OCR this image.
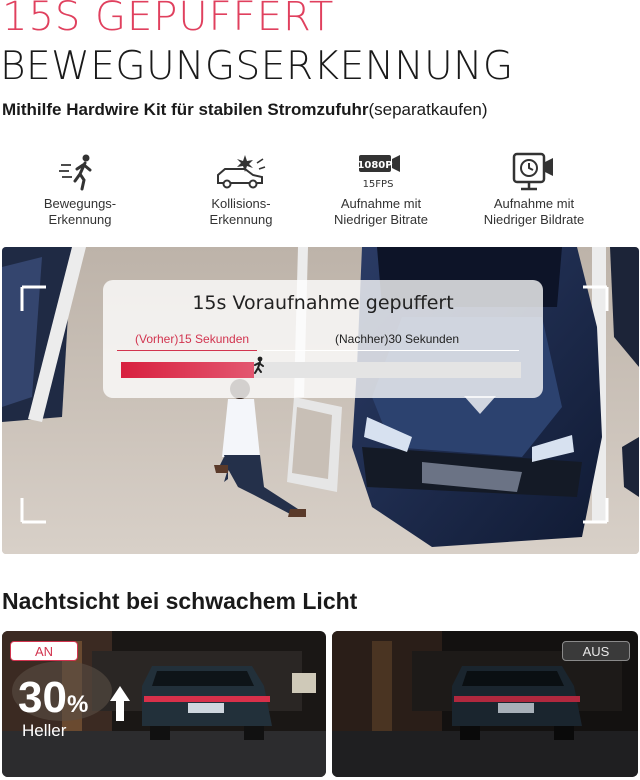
15S GEPUFFERT
BEWEGUNGSERKENNUNG
Mithilfe Hardwire Kit für stabilen Stromzufuhr(separatkaufen)
Bewegungs-
Erkennung
Kollisions-
Erkennung
1080P
15FPS
Aufnahme mit
Niedriger Bitrate
Aufnahme mit
Niedriger Bildrate
15s Voraufnahme gepuffert
(Vorher)15 Sekunden	(Nachher)30 Sekunden
Nachtsicht bei schwachem Licht
AN
30%
Heller
AUS
